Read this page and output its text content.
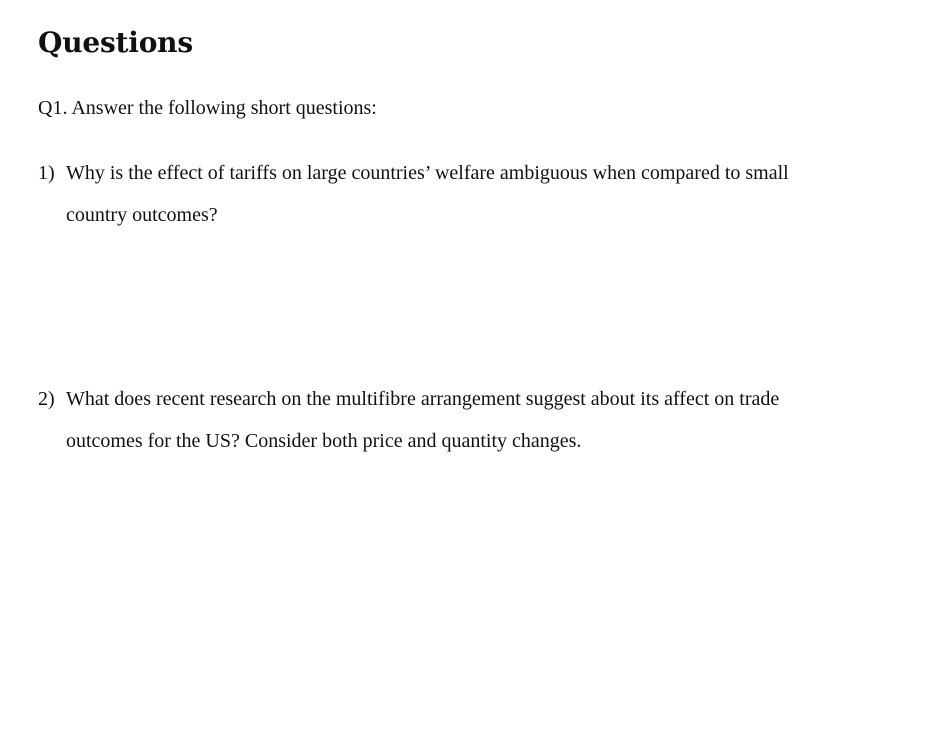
Questions

Q1. Answer the following short questions:

1) Why is the effect of tariffs on large countries’ welfare ambiguous when compared to small
country outcomes?
2) What does recent research on the multifibre arrangement suggest about its affect on trade
outcomes for the US? Consider both price and quantity changes.
